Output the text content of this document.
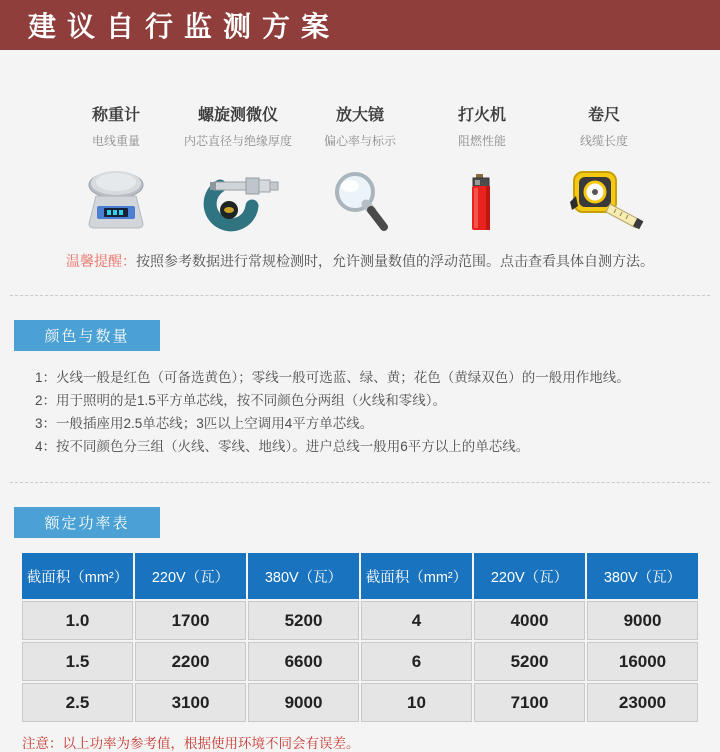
建议自行监测方案
称重计
电线重量
螺旋测微仪
内芯直径与绝缘厚度
放大镜
偏心率与标示
打火机
阻燃性能
卷尺
线缆长度

温馨提醒：按照参考数据进行常规检测时，允许测量数值的浮动范围。点击查看具体自测方法。

颜色与数量
1：火线一般是红色（可备选黄色）；零线一般可选蓝、绿、黄；花色（黄绿双色）的一般用作地线。
2：用于照明的是1.5平方单芯线，按不同颜色分两组（火线和零线）。
3：一般插座用2.5单芯线；3匹以上空调用4平方单芯线。
4：按不同颜色分三组（火线、零线、地线）。进户总线一般用6平方以上的单芯线。
额定功率表
截面积（mm²）	220V（瓦）	380V（瓦）	截面积（mm²）	220V（瓦）	380V（瓦）
1.0	1700	5200	4	4000	9000
1.5	2200	6600	6	5200	16000
2.5	3100	9000	10	7100	23000

注意：以上功率为参考值，根据使用环境不同会有误差。
